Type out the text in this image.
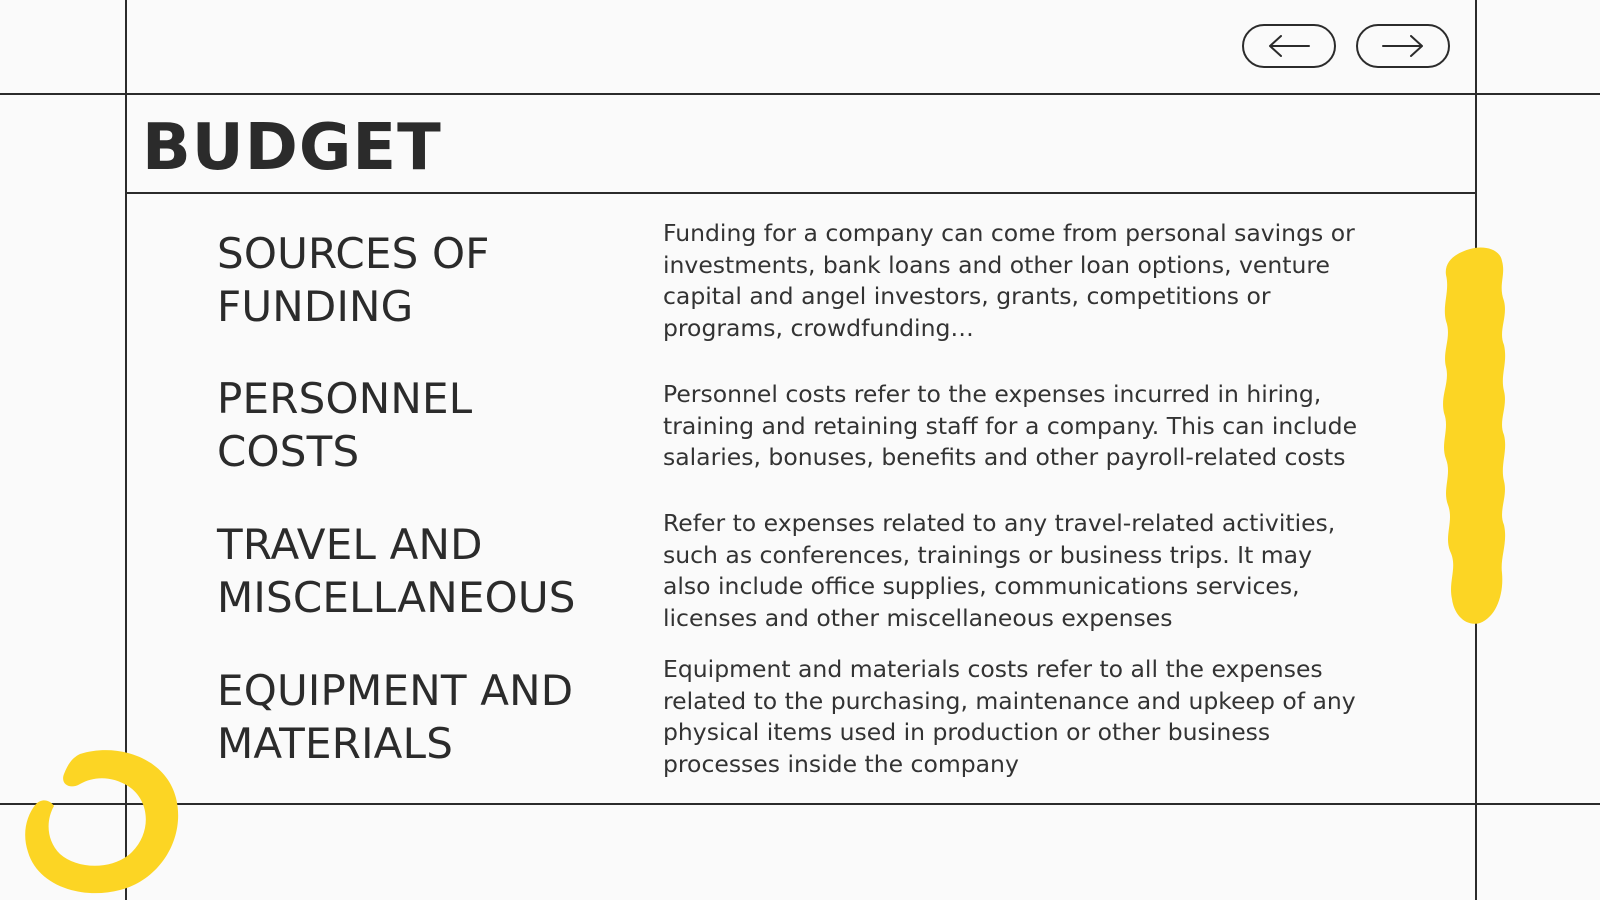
BUDGET
SOURCES OF
FUNDING
Funding for a company can come from personal savings or investments, bank loans and other loan options, venture capital and angel investors, grants, competitions or programs, crowdfunding…
PERSONNEL
COSTS
Personnel costs refer to the expenses incurred in hiring, training and retaining staff for a company. This can include salaries, bonuses, benefits and other payroll-related costs
TRAVEL AND
MISCELLANEOUS
Refer to expenses related to any travel-related activities, such as conferences, trainings or business trips. It may also include office supplies, communications services, licenses and other miscellaneous expenses
EQUIPMENT AND
MATERIALS
Equipment and materials costs refer to all the expenses related to the purchasing, maintenance and upkeep of any physical items used in production or other business processes inside the company
